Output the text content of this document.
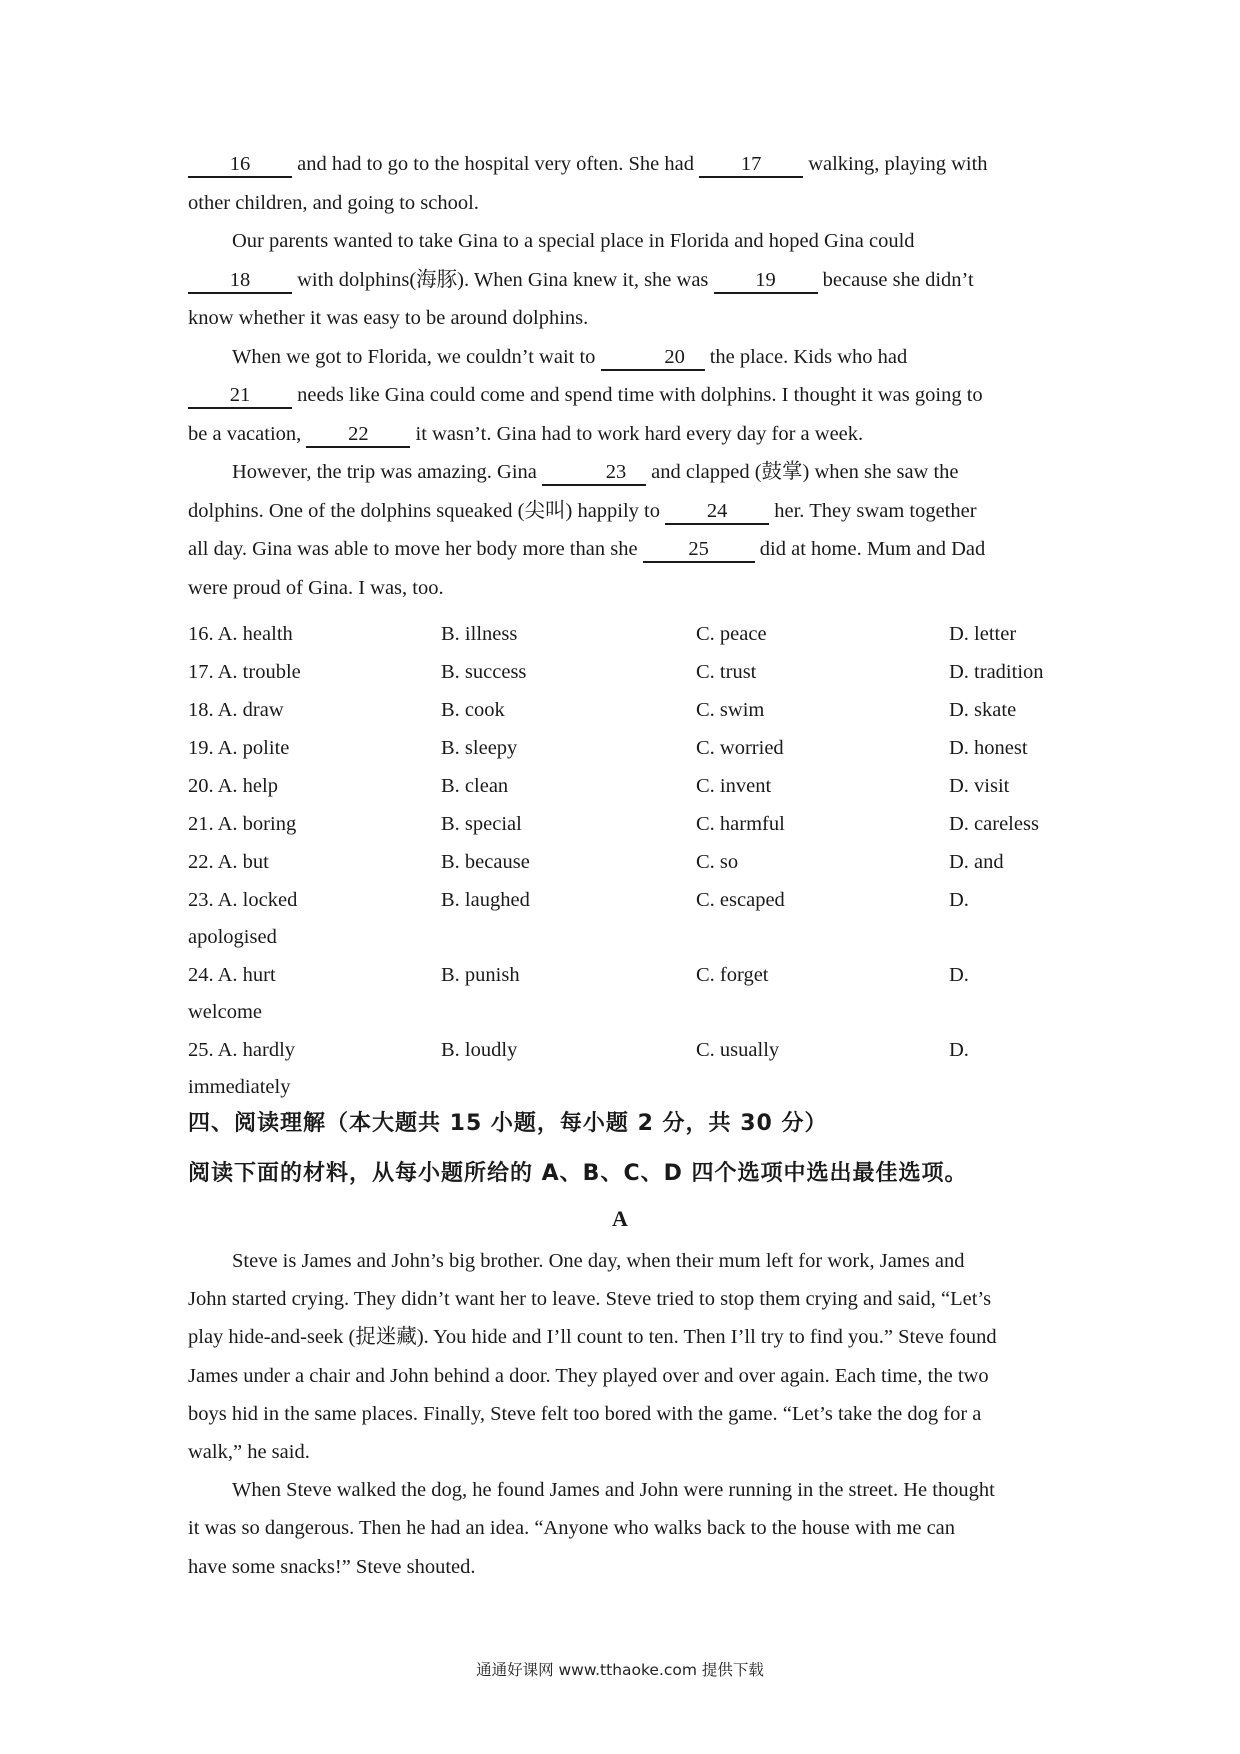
16 and had to go to the hospital very often. She had 17 walking, playing with

other children, and going to school.

Our parents wanted to take Gina to a special place in Florida and hoped Gina could

18 with dolphins(海豚). When Gina knew it, she was 19 because she didn’t

know whether it was easy to be around dolphins.

When we got to Florida, we couldn’t wait to	20 the place. Kids who had

21 needs like Gina could come and spend time with dolphins. I thought it was going to

be a vacation, 22 it wasn’t. Gina had to work hard every day for a week.

However, the trip was amazing. Gina	23 and clapped (鼓掌) when she saw the

dolphins. One of the dolphins squeaked (尖叫) happily to 24 her. They swam together

all day. Gina was able to move her body more than she 25 did at home. Mum and Dad

were proud of Gina. I was, too.

16. A. health	B. illness	C. peace	D. letter
17. A. trouble	B. success	C. trust	D. tradition
18. A. draw	B. cook	C. swim	D. skate
19. A. polite	B. sleepy	C. worried	D. honest
20. A. help	B. clean	C. invent	D. visit
21. A. boring	B. special	C. harmful	D. careless
22. A. but	B. because	C. so	D. and
23. A. locked	B. laughed	C. escaped	D.
apologised
24. A. hurt	B. punish	C. forget	D.
welcome
25. A. hardly	B. loudly	C. usually	D.
immediately
四、阅读理解（本大题共 15 小题，每小题 2 分，共 30 分）
阅读下面的材料，从每小题所给的 A、B、C、D 四个选项中选出最佳选项。
A

Steve is James and John’s big brother. One day, when their mum left for work, James and

John started crying. They didn’t want her to leave. Steve tried to stop them crying and said, “Let’s

play hide-and-seek (捉迷藏). You hide and I’ll count to ten. Then I’ll try to find you.” Steve found

James under a chair and John behind a door. They played over and over again. Each time, the two

boys hid in the same places. Finally, Steve felt too bored with the game. “Let’s take the dog for a

walk,” he said.

When Steve walked the dog, he found James and John were running in the street. He thought

it was so dangerous. Then he had an idea. “Anyone who walks back to the house with me can

have some snacks!” Steve shouted.

通通好课网 www.tthaoke.com 提供下载
